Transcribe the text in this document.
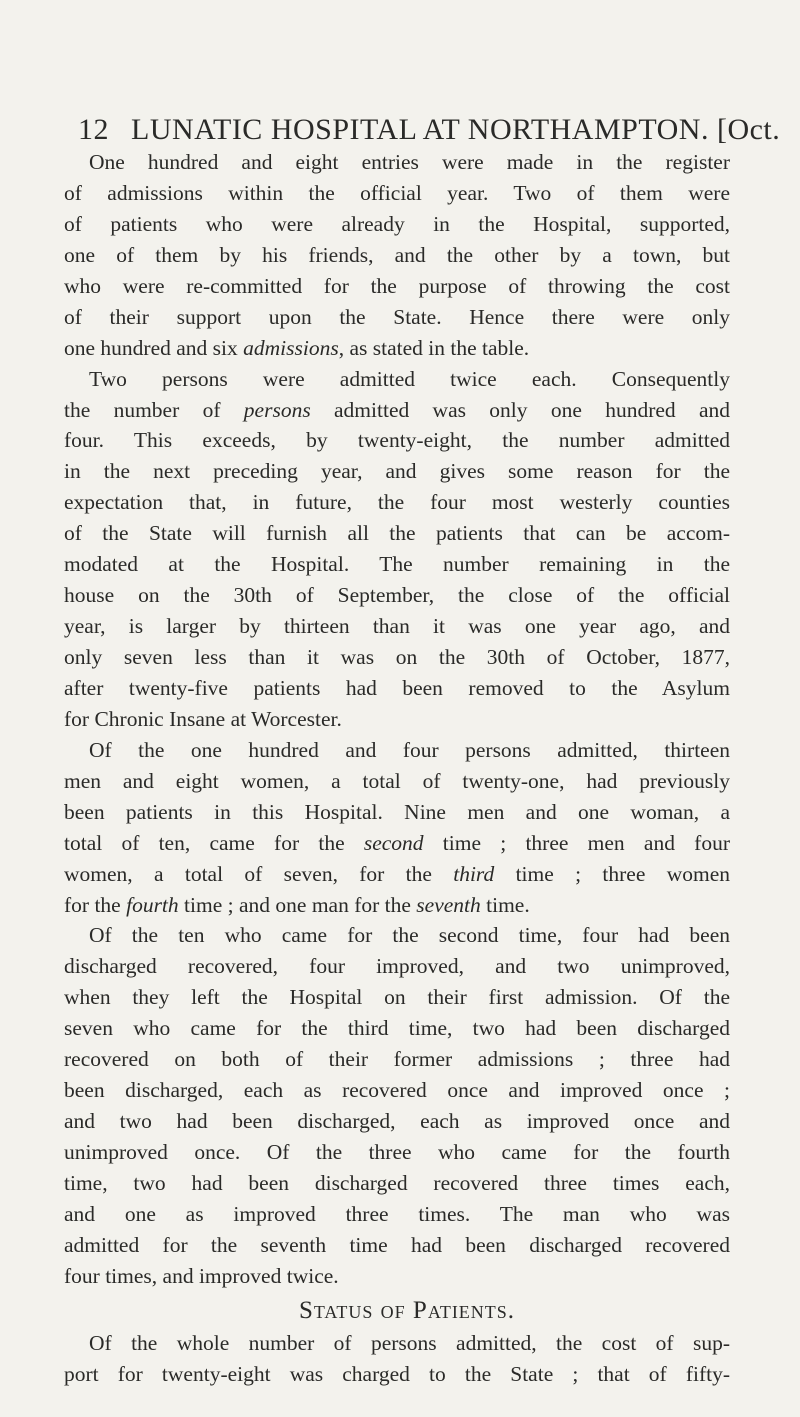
12 LUNATIC HOSPITAL AT NORTHAMPTON. [Oct.
One hundred and eight entries were made in the register
of admissions within the official year. Two of them were
of patients who were already in the Hospital, supported,
one of them by his friends, and the other by a town, but
who were re-committed for the purpose of throwing the cost
of their support upon the State. Hence there were only
one hundred and six admissions, as stated in the table.
Two persons were admitted twice each. Consequently
the number of persons admitted was only one hundred and
four. This exceeds, by twenty-eight, the number admitted
in the next preceding year, and gives some reason for the
expectation that, in future, the four most westerly counties
of the State will furnish all the patients that can be accom-
modated at the Hospital. The number remaining in the
house on the 30th of September, the close of the official
year, is larger by thirteen than it was one year ago, and
only seven less than it was on the 30th of October, 1877,
after twenty-five patients had been removed to the Asylum
for Chronic Insane at Worcester.
Of the one hundred and four persons admitted, thirteen
men and eight women, a total of twenty-one, had previously
been patients in this Hospital. Nine men and one woman, a
total of ten, came for the second time ; three men and four
women, a total of seven, for the third time ; three women
for the fourth time ; and one man for the seventh time.
Of the ten who came for the second time, four had been
discharged recovered, four improved, and two unimproved,
when they left the Hospital on their first admission. Of the
seven who came for the third time, two had been discharged
recovered on both of their former admissions ; three had
been discharged, each as recovered once and improved once ;
and two had been discharged, each as improved once and
unimproved once. Of the three who came for the fourth
time, two had been discharged recovered three times each,
and one as improved three times. The man who was
admitted for the seventh time had been discharged recovered
four times, and improved twice.
Status of Patients.
Of the whole number of persons admitted, the cost of sup-
port for twenty-eight was charged to the State ; that of fifty-
